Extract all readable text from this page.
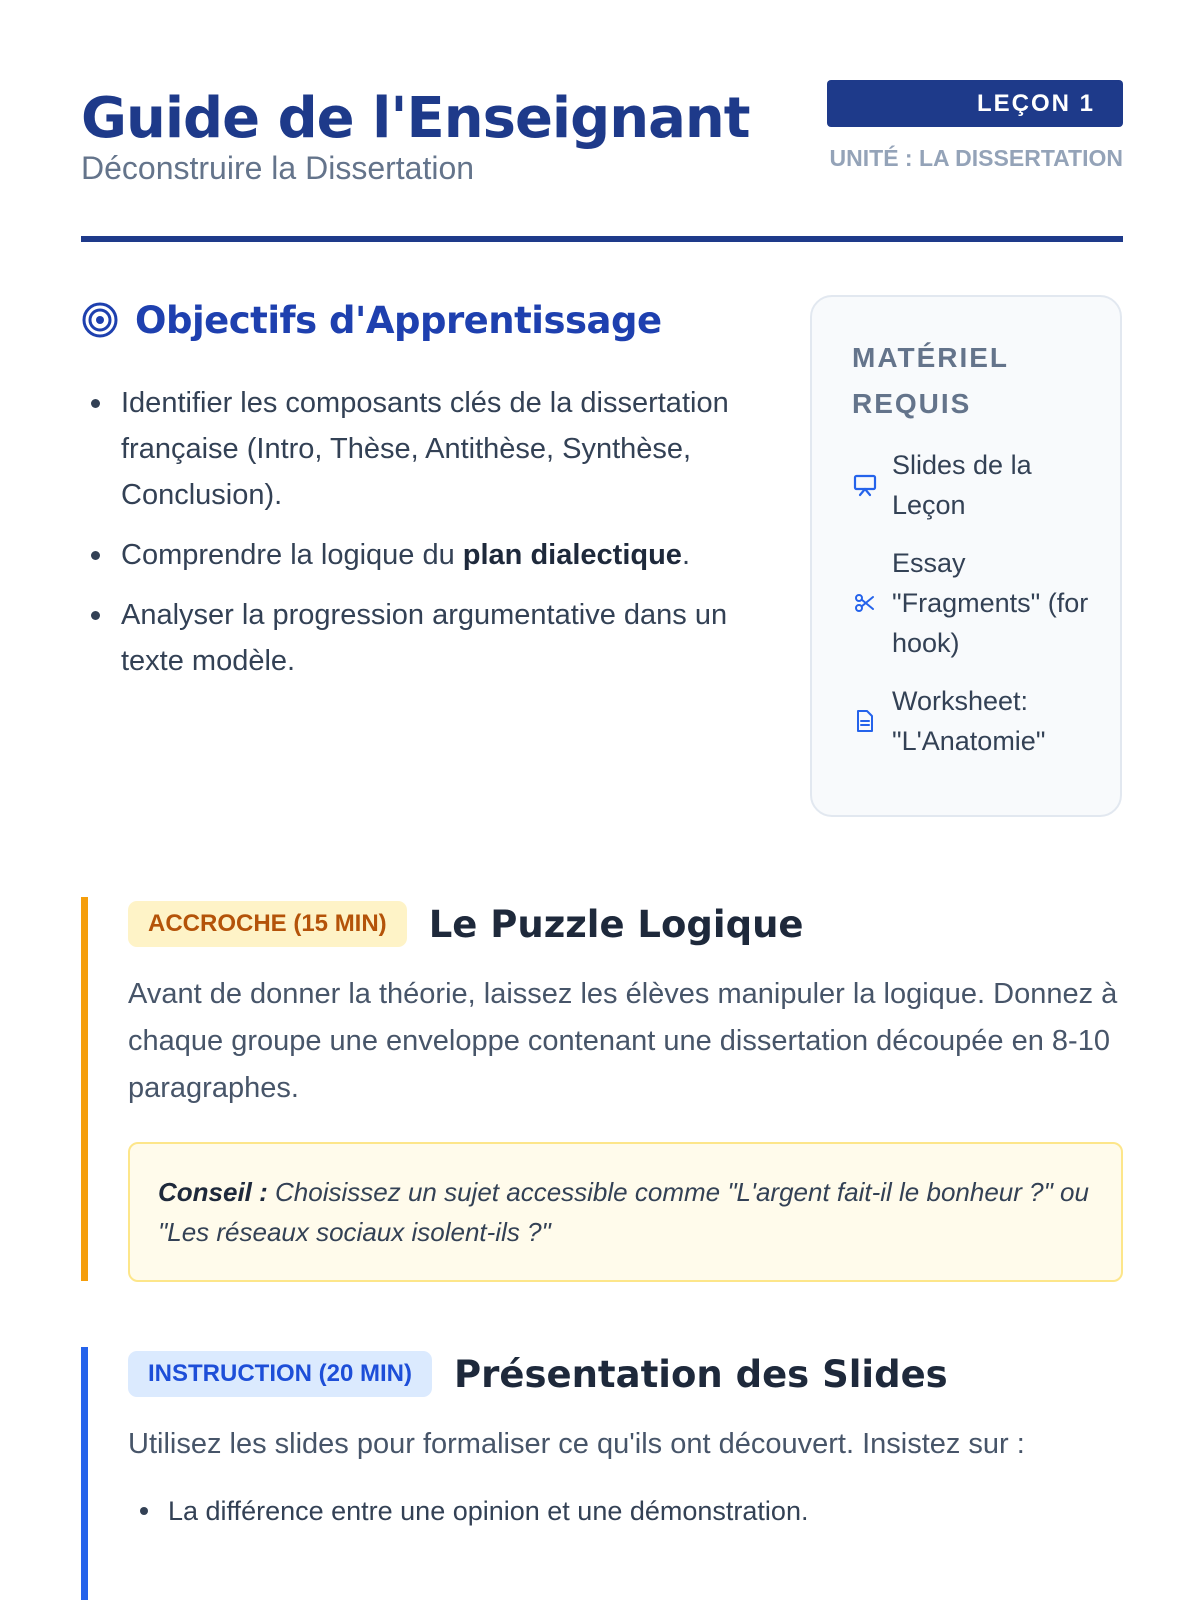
Guide de l'Enseignant
Déconstruire la Dissertation
LEÇON 1
UNITÉ : LA DISSERTATION
Objectifs d'Apprentissage
Identifier les composants clés de la dissertation française (Intro, Thèse, Antithèse, Synthèse, Conclusion).
Comprendre la logique du plan dialectique.
Analyser la progression argumentative dans un texte modèle.
MATÉRIEL REQUIS
Slides de la Leçon
Essay "Fragments" (for hook)
Worksheet: "L'Anatomie"
ACCROCHE (15 MIN)	Le Puzzle Logique

Avant de donner la théorie, laissez les élèves manipuler la logique. Donnez à chaque groupe une enveloppe contenant une dissertation découpée en 8-10 paragraphes.

Conseil : Choisissez un sujet accessible comme "L'argent fait-il le bonheur ?" ou "Les réseaux sociaux isolent-ils ?"
INSTRUCTION (20 MIN)	Présentation des Slides

Utilisez les slides pour formaliser ce qu'ils ont découvert. Insistez sur :

La différence entre une opinion et une démonstration.
